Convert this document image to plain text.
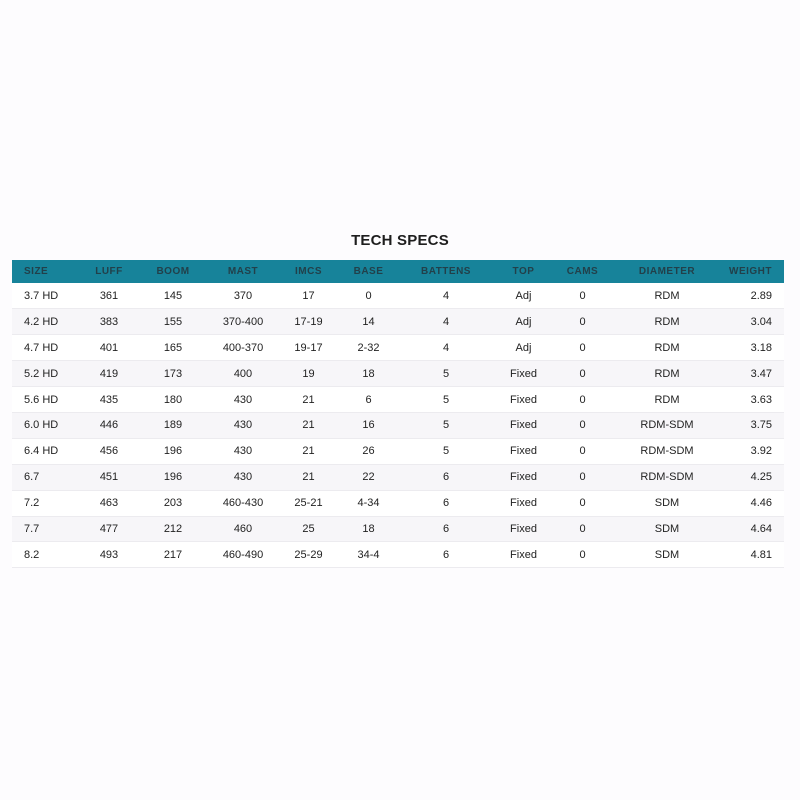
TECH SPECS
SIZE	LUFF	BOOM	MAST	IMCS	BASE	BATTENS	TOP	CAMS	DIAMETER	WEIGHT
3.7 HD	361	145	370	17	0	4	Adj	0	RDM	2.89
4.2 HD	383	155	370-400	17-19	14	4	Adj	0	RDM	3.04
4.7 HD	401	165	400-370	19-17	2-32	4	Adj	0	RDM	3.18
5.2 HD	419	173	400	19	18	5	Fixed	0	RDM	3.47
5.6 HD	435	180	430	21	6	5	Fixed	0	RDM	3.63
6.0 HD	446	189	430	21	16	5	Fixed	0	RDM-SDM	3.75
6.4 HD	456	196	430	21	26	5	Fixed	0	RDM-SDM	3.92
6.7	451	196	430	21	22	6	Fixed	0	RDM-SDM	4.25
7.2	463	203	460-430	25-21	4-34	6	Fixed	0	SDM	4.46
7.7	477	212	460	25	18	6	Fixed	0	SDM	4.64
8.2	493	217	460-490	25-29	34-4	6	Fixed	0	SDM	4.81
